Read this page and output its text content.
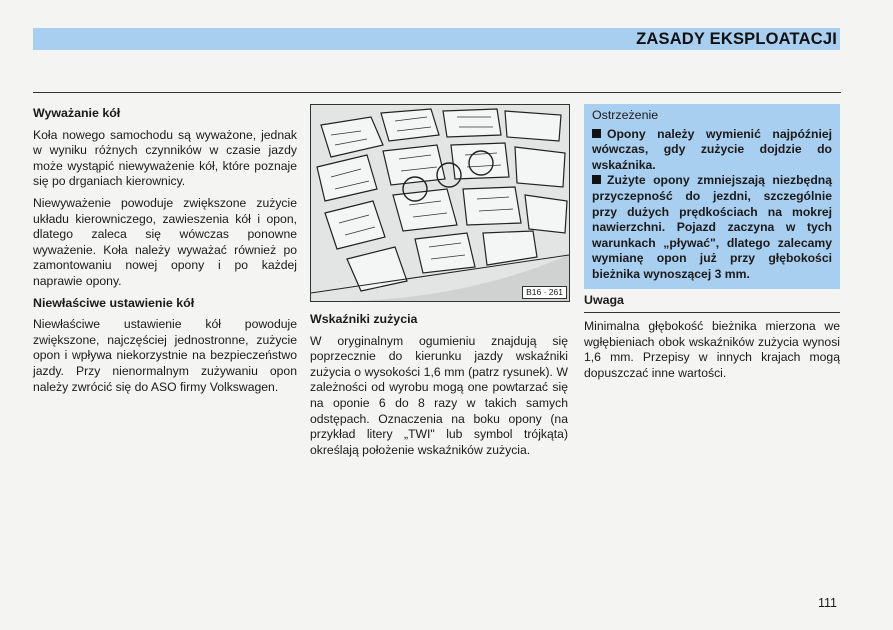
ZASADY EKSPLOATACJI
Wyważanie kół

Koła nowego samochodu są wyważone, jednak w wyniku różnych czynników w czasie jazdy może wystąpić niewyważenie kół, które poznaje się po drganiach kierownicy.

Niewyważenie powoduje zwiększone zużycie układu kierowniczego, zawieszenia kół i opon, dlatego zaleca się wówczas ponowne wyważenie. Koła należy wyważać również po zamontowaniu nowej opony i po każdej naprawie opony.

Niewłaściwe ustawienie kół

Niewłaściwe ustawienie kół powoduje zwiększone, najczęściej jednostronne, zużycie opon i wpływa niekorzystnie na bezpieczeństwo jazdy. Przy nienormalnym zużywaniu opon należy zwrócić się do ASO firmy Volkswagen.

B16 · 261
Wskaźniki zużycia

W oryginalnym ogumieniu znajdują się poprzecznie do kierunku jazdy wskaźniki zużycia o wysokości 1,6 mm (patrz rysunek). W zależności od wyrobu mogą one powtarzać się na oponie 6 do 8 razy w takich samych odstępach. Oznaczenia na boku opony (na przykład litery „TWI" lub symbol trójkąta) określają położenie wskaźników zużycia.

Ostrzeżenie

Opony należy wymienić najpóźniej wówczas, gdy zużycie dojdzie do wskaźnika.

Zużyte opony zmniejszają niezbędną przyczepność do jezdni, szczególnie przy dużych prędkościach na mokrej nawierzchni. Pojazd zaczyna w tych warunkach „pływać", dlatego zalecamy wymianę opon już przy głębokości bieżnika wynoszącej 3 mm.

Uwaga

Minimalna głębokość bieżnika mierzona we wgłębieniach obok wskaźników zużycia wynosi 1,6 mm. Przepisy w innych krajach mogą dopuszczać inne wartości.

111
